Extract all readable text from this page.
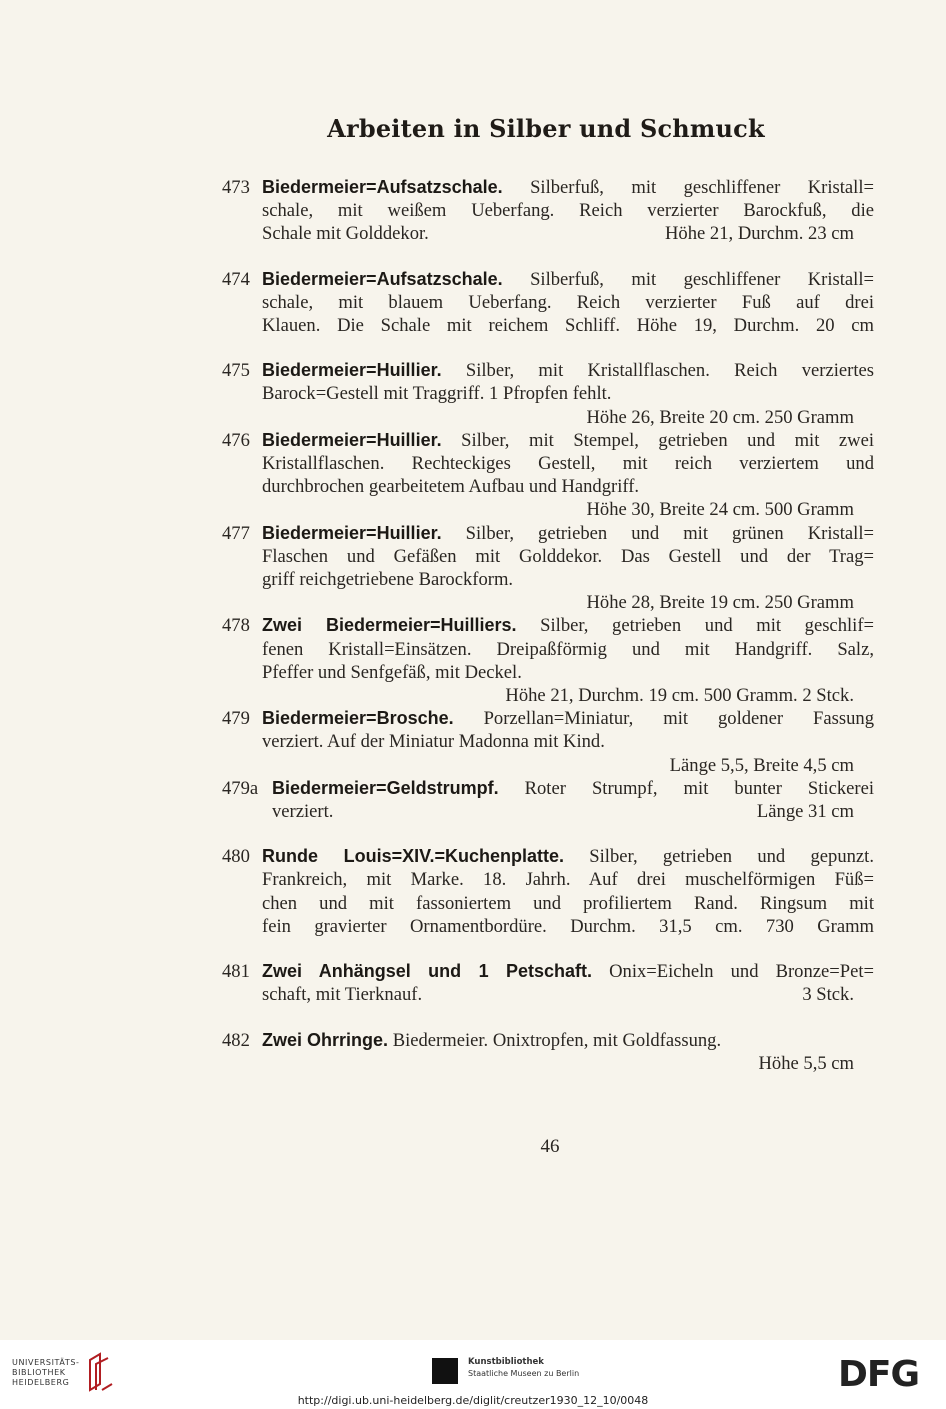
Arbeiten in Silber und Schmuck
473 Biedermeier=Aufsatzschale. Silberfuß, mit geschliffener Kristall=
schale, mit weißem Ueberfang. Reich verzierter Barockfuß, die
Schale mit Golddekor.	Höhe 21, Durchm. 23 cm
474 Biedermeier=Aufsatzschale. Silberfuß, mit geschliffener Kristall=
schale, mit blauem Ueberfang. Reich verzierter Fuß auf drei
Klauen. Die Schale mit reichem Schliff. Höhe 19, Durchm. 20 cm
475 Biedermeier=Huillier. Silber, mit Kristallflaschen. Reich verziertes
Barock=Gestell mit Traggriff. 1 Pfropfen fehlt.
Höhe 26, Breite 20 cm. 250 Gramm
476 Biedermeier=Huillier. Silber, mit Stempel, getrieben und mit zwei
Kristallflaschen. Rechteckiges Gestell, mit reich verziertem und
durchbrochen gearbeitetem Aufbau und Handgriff.
Höhe 30, Breite 24 cm. 500 Gramm
477 Biedermeier=Huillier. Silber, getrieben und mit grünen Kristall=
Flaschen und Gefäßen mit Golddekor. Das Gestell und der Trag=
griff reichgetriebene Barockform.
Höhe 28, Breite 19 cm. 250 Gramm
478 Zwei Biedermeier=Huilliers. Silber, getrieben und mit geschlif=
fenen Kristall=Einsätzen. Dreipaßförmig und mit Handgriff. Salz,
Pfeffer und Senfgefäß, mit Deckel.
Höhe 21, Durchm. 19 cm. 500 Gramm. 2 Stck.
479 Biedermeier=Brosche. Porzellan=Miniatur, mit goldener Fassung
verziert. Auf der Miniatur Madonna mit Kind.
Länge 5,5, Breite 4,5 cm
479a Biedermeier=Geldstrumpf. Roter Strumpf, mit bunter Stickerei
verziert.	Länge 31 cm
480 Runde Louis=XIV.=Kuchenplatte. Silber, getrieben und gepunzt.
Frankreich, mit Marke. 18. Jahrh. Auf drei muschelförmigen Füß=
chen und mit fassoniertem und profiliertem Rand. Ringsum mit
fein gravierter Ornamentbordüre. Durchm. 31,5 cm. 730 Gramm
481 Zwei Anhängsel und 1 Petschaft. Onix=Eicheln und Bronze=Pet=
schaft, mit Tierknauf.	3 Stck.
482 Zwei Ohrringe. Biedermeier. Onixtropfen, mit Goldfassung.
Höhe 5,5 cm
46
UNIVERSITÄTS-
BIBLIOTHEK
HEIDELBERG
Kunstbibliothek
Staatliche Museen zu Berlin	DFG
http://digi.ub.uni-heidelberg.de/diglit/creutzer1930_12_10/0048
